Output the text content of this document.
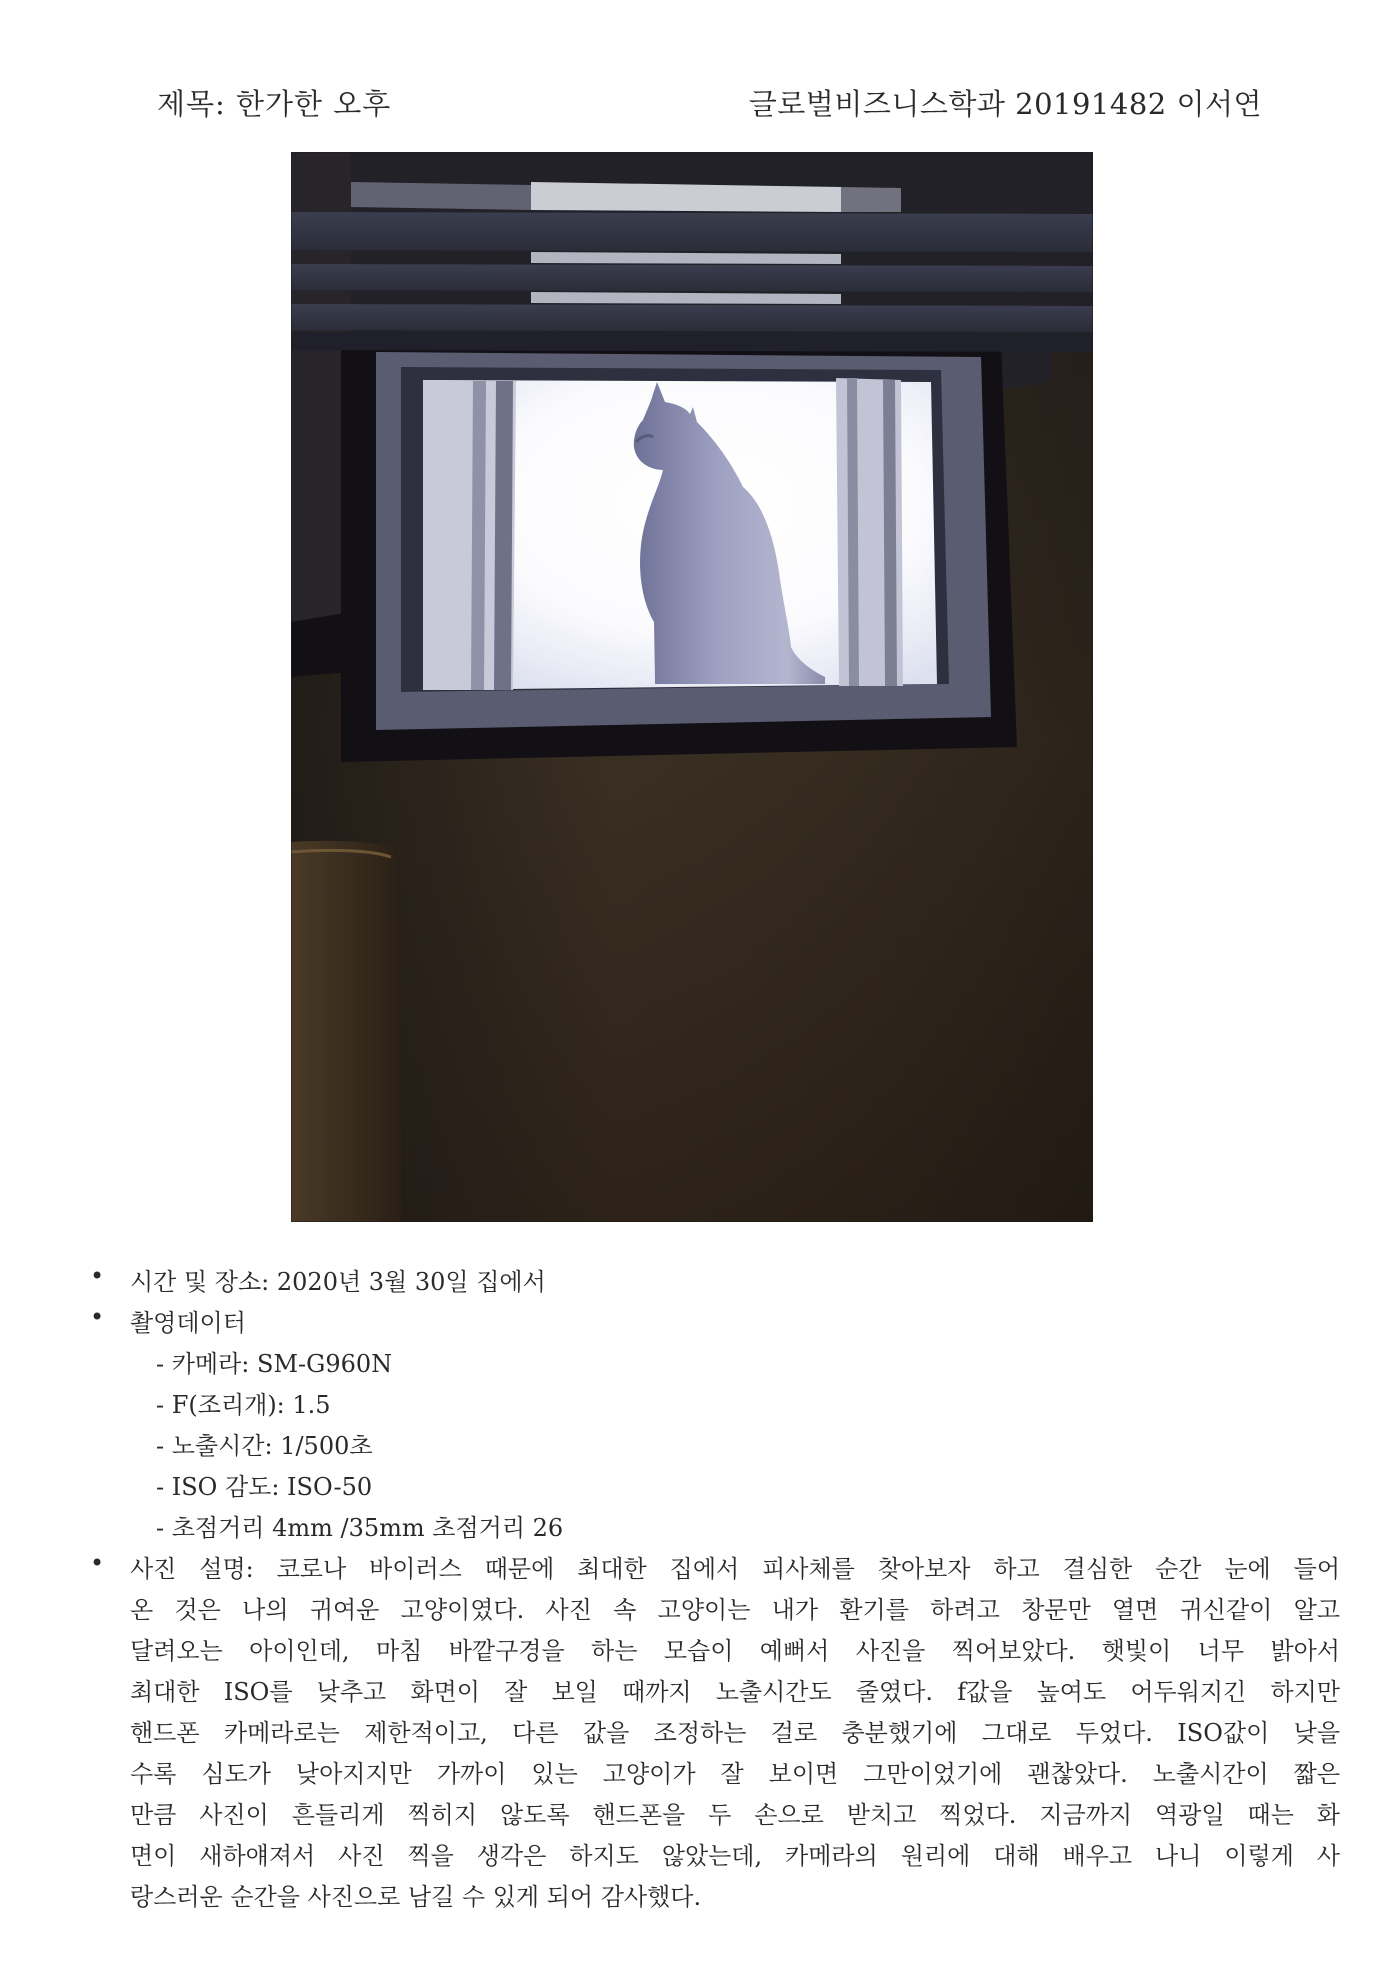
제목: 한가한 오후	글로벌비즈니스학과 20191482 이서연
•	시간 및 장소: 2020년 3월 30일 집에서
•	촬영데이터
- 카메라: SM-G960N
- F(조리개): 1.5
- 노출시간: 1/500초
- ISO 감도: ISO-50
- 초점거리 4mm /35mm 초점거리 26
•	사진 설명: 코로나 바이러스 때문에 최대한 집에서 피사체를 찾아보자 하고 결심한 순간 눈에 들어
온 것은 나의 귀여운 고양이였다. 사진 속 고양이는 내가 환기를 하려고 창문만 열면 귀신같이 알고
달려오는 아이인데, 마침 바깥구경을 하는 모습이 예뻐서 사진을 찍어보았다. 햇빛이 너무 밝아서
최대한 ISO를 낮추고 화면이 잘 보일 때까지 노출시간도 줄였다. f값을 높여도 어두워지긴 하지만
핸드폰 카메라로는 제한적이고, 다른 값을 조정하는 걸로 충분했기에 그대로 두었다. ISO값이 낮을
수록 심도가 낮아지지만 가까이 있는 고양이가 잘 보이면 그만이었기에 괜찮았다. 노출시간이 짧은
만큼 사진이 흔들리게 찍히지 않도록 핸드폰을 두 손으로 받치고 찍었다. 지금까지 역광일 때는 화
면이 새하얘져서 사진 찍을 생각은 하지도 않았는데, 카메라의 원리에 대해 배우고 나니 이렇게 사
랑스러운 순간을 사진으로 남길 수 있게 되어 감사했다.
